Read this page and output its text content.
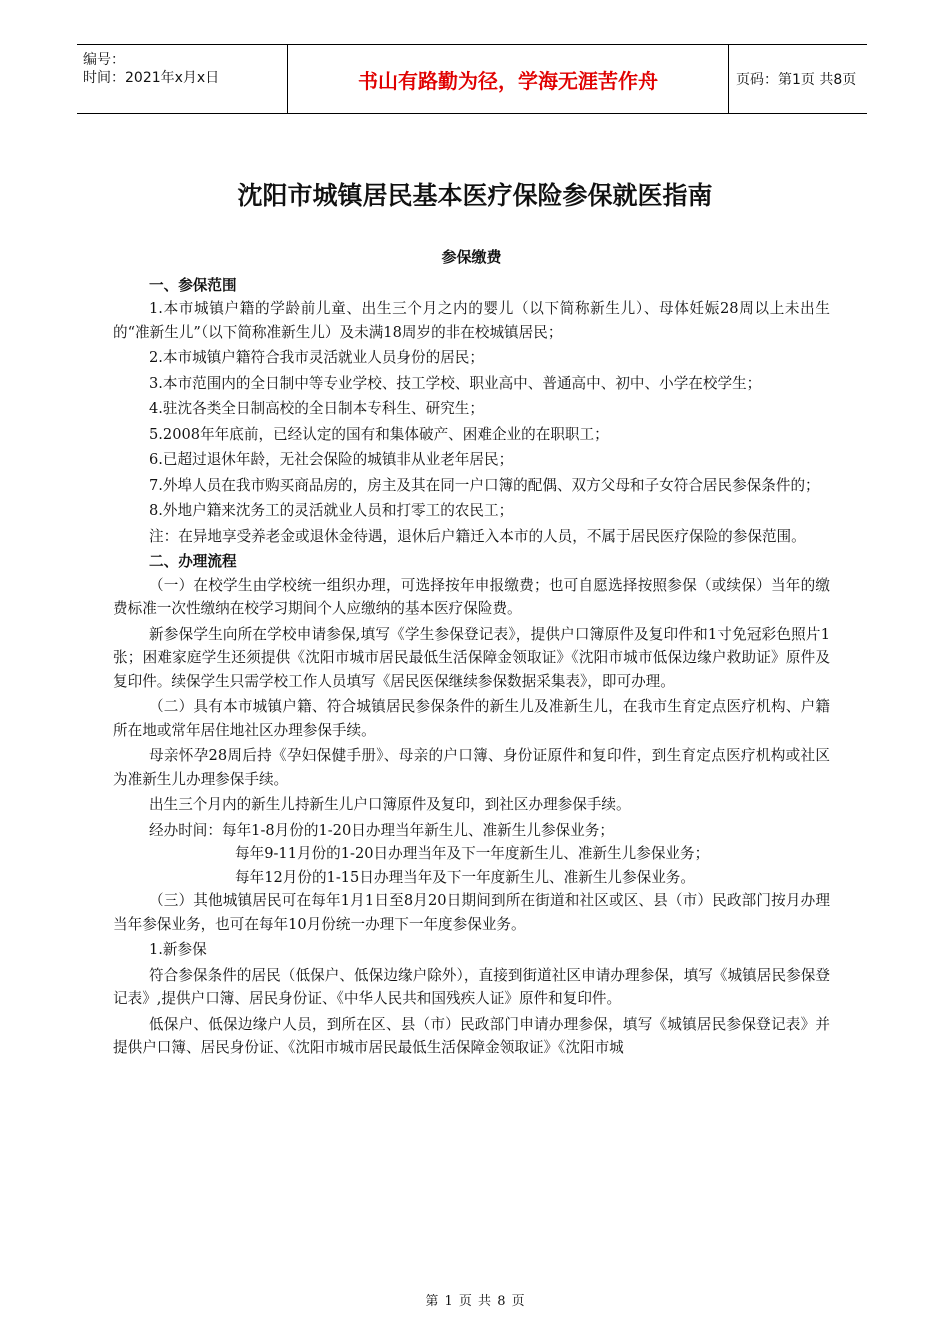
编号：
时间：2021年x月x日	书山有路勤为径，学海无涯苦作舟	页码：第1页 共8页
沈阳市城镇居民基本医疗保险参保就医指南
参保缴费
一、参保范围

1.本市城镇户籍的学龄前儿童、出生三个月之内的婴儿（以下简称新生儿）、母体妊娠28周以上未出生的“准新生儿”（以下简称准新生儿）及未满18周岁的非在校城镇居民；

2.本市城镇户籍符合我市灵活就业人员身份的居民；

3.本市范围内的全日制中等专业学校、技工学校、职业高中、普通高中、初中、小学在校学生；

4.驻沈各类全日制高校的全日制本专科生、研究生；

5.2008年年底前，已经认定的国有和集体破产、困难企业的在职职工；

6.已超过退休年龄，无社会保险的城镇非从业老年居民；

7.外埠人员在我市购买商品房的，房主及其在同一户口簿的配偶、双方父母和子女符合居民参保条件的；

8.外地户籍来沈务工的灵活就业人员和打零工的农民工；

注：在异地享受养老金或退休金待遇，退休后户籍迁入本市的人员，不属于居民医疗保险的参保范围。

二、办理流程

（一）在校学生由学校统一组织办理，可选择按年申报缴费；也可自愿选择按照参保（或续保）当年的缴费标准一次性缴纳在校学习期间个人应缴纳的基本医疗保险费。

新参保学生向所在学校申请参保,填写《学生参保登记表》，提供户口簿原件及复印件和1寸免冠彩色照片1张；困难家庭学生还须提供《沈阳市城市居民最低生活保障金领取证》《沈阳市城市低保边缘户救助证》原件及复印件。续保学生只需学校工作人员填写《居民医保继续参保数据采集表》，即可办理。

（二）具有本市城镇户籍、符合城镇居民参保条件的新生儿及准新生儿，在我市生育定点医疗机构、户籍所在地或常年居住地社区办理参保手续。

母亲怀孕28周后持《孕妇保健手册》、母亲的户口簿、身份证原件和复印件，到生育定点医疗机构或社区为准新生儿办理参保手续。

出生三个月内的新生儿持新生儿户口簿原件及复印，到社区办理参保手续。

经办时间：每年1-8月份的1-20日办理当年新生儿、准新生儿参保业务；
每年9-11月份的1-20日办理当年及下一年度新生儿、准新生儿参保业务；
每年12月份的1-15日办理当年及下一年度新生儿、准新生儿参保业务。

（三）其他城镇居民可在每年1月1日至8月20日期间到所在街道和社区或区、县（市）民政部门按月办理当年参保业务，也可在每年10月份统一办理下一年度参保业务。

1.新参保

符合参保条件的居民（低保户、低保边缘户除外），直接到街道社区申请办理参保，填写《城镇居民参保登记表》,提供户口簿、居民身份证、《中华人民共和国残疾人证》原件和复印件。

低保户、低保边缘户人员，到所在区、县（市）民政部门申请办理参保，填写《城镇居民参保登记表》并提供户口簿、居民身份证、《沈阳市城市居民最低生活保障金领取证》《沈阳市城

第 1 页 共 8 页
